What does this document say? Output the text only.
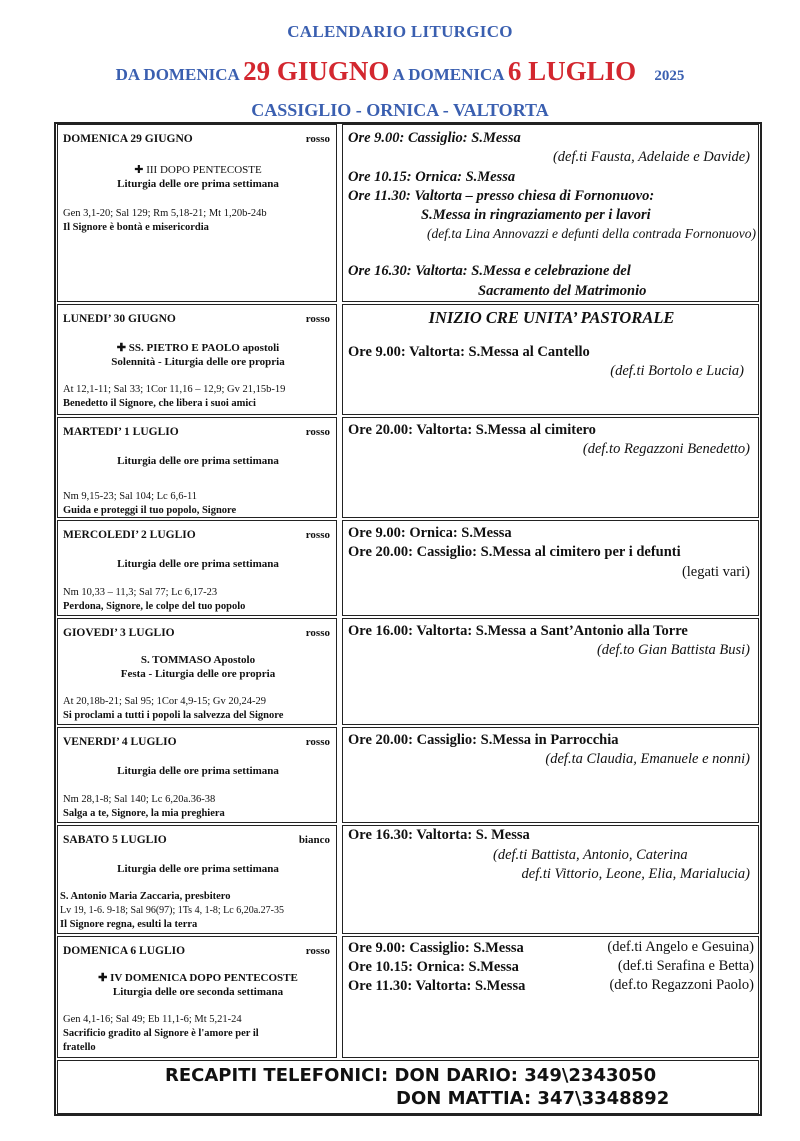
CALENDARIO LITURGICO
DA DOMENICA 29 GIUGNO A DOMENICA 6 LUGLIO 2025
CASSIGLIO - ORNICA - VALTORTA
DOMENICA 29 GIUGNO	rosso
✚ III DOPO PENTECOSTE
Liturgia delle ore prima settimana
Gen 3,1-20; Sal 129; Rm 5,18-21; Mt 1,20b-24b
Il Signore è bontà e misericordia
Ore 9.00: Cassiglio: S.Messa
(def.ti Fausta, Adelaide e Davide)
Ore 10.15: Ornica: S.Messa
Ore 11.30: Valtorta – presso chiesa di Fornonuovo:
S.Messa in ringraziamento per i lavori
(def.ta Lina Annovazzi e defunti della contrada Fornonuovo)
Ore 16.30: Valtorta: S.Messa e celebrazione del
Sacramento del Matrimonio
LUNEDI’ 30 GIUGNO	rosso
✚ SS. PIETRO E PAOLO apostoli
Solennità - Liturgia delle ore propria
At 12,1-11; Sal 33; 1Cor 11,16 – 12,9; Gv 21,15b-19
Benedetto il Signore, che libera i suoi amici
INIZIO CRE UNITA’ PASTORALE
Ore 9.00: Valtorta: S.Messa al Cantello
(def.ti Bortolo e Lucia)
MARTEDI’ 1 LUGLIO	rosso
Liturgia delle ore prima settimana
Nm 9,15-23; Sal 104; Lc 6,6-11
Guida e proteggi il tuo popolo, Signore
Ore 20.00: Valtorta: S.Messa al cimitero
(def.to Regazzoni Benedetto)
MERCOLEDI’ 2 LUGLIO	rosso
Liturgia delle ore prima settimana
Nm 10,33 – 11,3; Sal 77; Lc 6,17-23
Perdona, Signore, le colpe del tuo popolo
Ore 9.00: Ornica: S.Messa
Ore 20.00: Cassiglio: S.Messa al cimitero per i defunti
(legati vari)
GIOVEDI’ 3 LUGLIO	rosso
S. TOMMASO Apostolo
Festa - Liturgia delle ore propria
At 20,18b-21; Sal 95; 1Cor 4,9-15; Gv 20,24-29
Si proclami a tutti i popoli la salvezza del Signore
Ore 16.00: Valtorta: S.Messa a Sant’Antonio alla Torre
(def.to Gian Battista Busi)
VENERDI’ 4 LUGLIO	rosso
Liturgia delle ore prima settimana
Nm 28,1-8; Sal 140; Lc 6,20a.36-38
Salga a te, Signore, la mia preghiera
Ore 20.00: Cassiglio: S.Messa in Parrocchia
(def.ta Claudia, Emanuele e nonni)
SABATO 5 LUGLIO	bianco
Liturgia delle ore prima settimana
S. Antonio Maria Zaccaria, presbitero
Lv 19, 1-6. 9-18; Sal 96(97); 1Ts 4, 1-8; Lc 6,20a.27-35
Il Signore regna, esulti la terra
Ore 16.30: Valtorta: S. Messa
(def.ti Battista, Antonio, Caterina
def.ti Vittorio, Leone, Elia, Marialucia)
DOMENICA 6 LUGLIO	rosso
✚ IV DOMENICA DOPO PENTECOSTE
Liturgia delle ore seconda settimana
Gen 4,1-16; Sal 49; Eb 11,1-6; Mt 5,21-24
Sacrificio gradito al Signore è l'amore per il
fratello
Ore 9.00: Cassiglio: S.Messa	(def.ti Angelo e Gesuina)
Ore 10.15: Ornica: S.Messa	(def.ti Serafina e Betta)
Ore 11.30: Valtorta: S.Messa	(def.to Regazzoni Paolo)
RECAPITI TELEFONICI: DON DARIO: 349\2343050
DON MATTIA: 347\3348892
